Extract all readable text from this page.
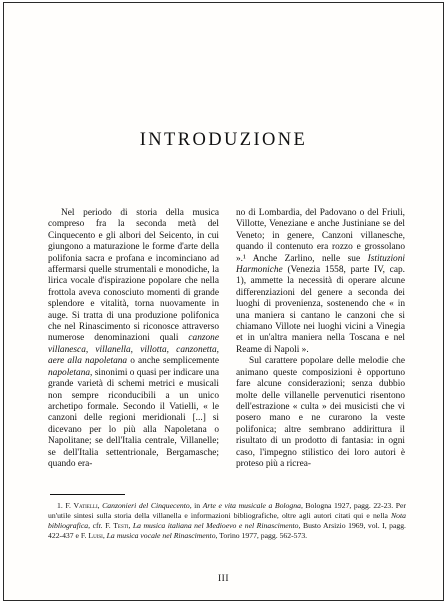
INTRODUZIONE

Nel periodo di storia della musica compreso fra la seconda metà del Cinquecento e gli albori del Seicento, in cui giungono a maturazione le forme d'arte della polifonia sacra e profana e incominciano ad affermarsi quelle strumentali e monodiche, la lirica vocale d'ispirazione popolare che nella frottola aveva conosciuto momenti di grande splendore e vitalità, torna nuovamente in auge. Si tratta di una produzione polifonica che nel Rinascimento si riconosce attraverso numerose denominazioni quali canzone villanesca, villanella, villotta, canzonetta, aere alla napoletana o anche semplicemente napoletana, sinonimi o quasi per indicare una grande varietà di schemi metrici e musicali non sempre riconducibili a un unico archetipo formale. Secondo il Vatielli, « le canzoni delle regioni meridionali [...] si dicevano per lo più alla Napoletana o Napolitane; se dell'Italia centrale, Villanelle; se dell'Italia settentrionale, Bergamasche; quando era-

no di Lombardia, del Padovano o del Friuli, Villotte, Veneziane e anche Justiniane se del Veneto; in genere, Canzoni villanesche, quando il contenuto era rozzo e grossolano ».¹ Anche Zarlino, nelle sue Istituzioni Harmoniche (Venezia 1558, parte IV, cap. 1), ammette la necessità di operare alcune differenziazioni del genere a seconda dei luoghi di provenienza, sostenendo che « in una maniera si cantano le canzoni che si chiamano Villote nei luoghi vicini a Vinegia et in un'altra maniera nella Toscana e nel Reame di Napoli ».

Sul carattere popolare delle melodie che animano queste composizioni è opportuno fare alcune considerazioni; senza dubbio molte delle villanelle pervenutici risentono dell'estrazione « culta » dei musicisti che vi posero mano e ne curarono la veste polifonica; altre sembrano addirittura il risultato di un prodotto di fantasia: in ogni caso, l'impegno stilistico dei loro autori è proteso più a ricrea-

1. F. Vatielli, Canzonieri del Cinquecento, in Arte e vita musicale a Bologna, Bologna 1927, pagg. 22-23. Per un'utile sintesi sulla storia della villanella e informazioni bibliografiche, oltre agli autori citati qui e nella Nota bibliografica, cfr. F. Testi, La musica italiana nel Medioevo e nel Rinascimento, Busto Arsizio 1969, vol. I, pagg. 422-437 e F. Luisi, La musica vocale nel Rinascimento, Torino 1977, pagg. 562-573.

III
